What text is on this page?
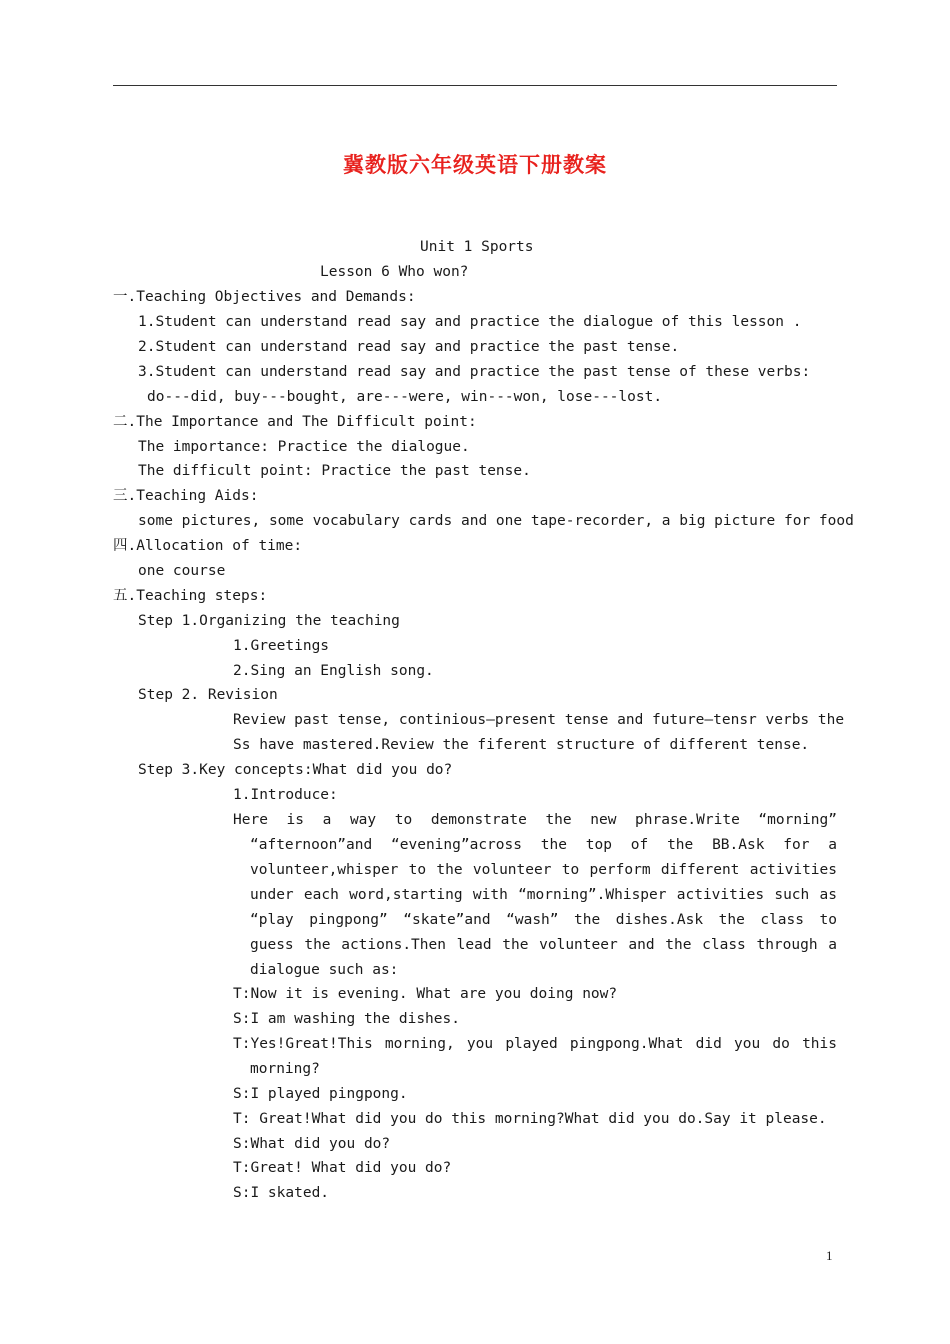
冀教版六年级英语下册教案
Unit 1 Sports
Lesson 6 Who won?
一.Teaching Objectives and Demands:
1.Student can understand read say and practice the dialogue of this lesson .
2.Student can understand read say and practice the past tense.
3.Student can understand read say and practice the past tense of these verbs:
do---did, buy---bought, are---were, win---won, lose---lost.
二.The Importance and The Difficult point:
The importance: Practice the dialogue.
The difficult point: Practice the past tense.
三.Teaching Aids:
some pictures, some vocabulary cards and one tape-recorder, a big picture for food
四.Allocation of time:
one course
五.Teaching steps:
Step 1.Organizing the teaching
1.Greetings
2.Sing an English song.
Step 2. Revision
Review past tense, continious—present tense and future—tensr verbs the
Ss have mastered.Review the fiferent structure of different tense.
Step 3.Key concepts:What did you do?
1.Introduce:
Here is a way to demonstrate the new phrase.Write “morning”
“afternoon”and “evening”across the top of the BB.Ask for a
volunteer,whisper to the volunteer to perform different activities
under each word,starting with “morning”.Whisper activities such as
“play pingpong” “skate”and “wash” the dishes.Ask the class to
guess the actions.Then lead the volunteer and the class through a
dialogue such as:
T:Now it is evening. What are you doing now?
S:I am washing the dishes.
T:Yes!Great!This morning, you played pingpong.What did you do this
morning?
S:I played pingpong.
T: Great!What did you do this morning?What did you do.Say it please.
S:What did you do?
T:Great! What did you do?
S:I skated.
1
